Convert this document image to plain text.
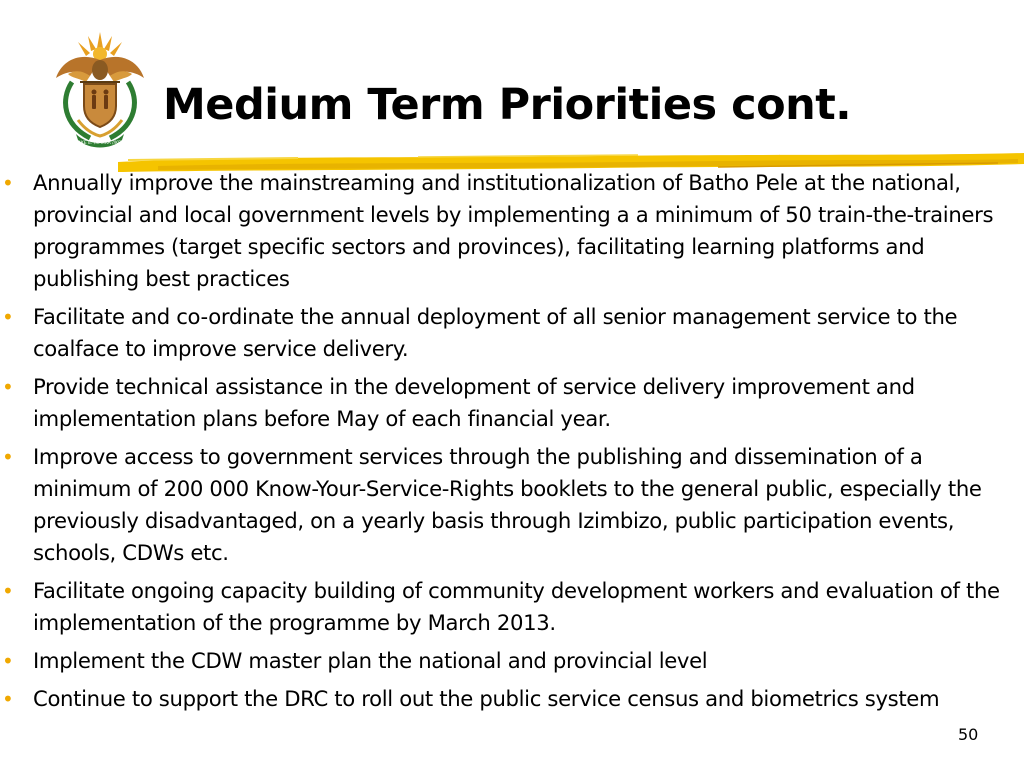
!KE E: /XARRA //KE
Medium Term Priorities cont.
• Annually improve the mainstreaming and institutionalization of Batho Pele at the national, provincial and local government levels by implementing a a minimum of 50 train-the-trainers programmes (target specific sectors and provinces), facilitating learning platforms and publishing best practices
• Facilitate and co-ordinate the annual deployment of all senior management service to the coalface to improve service delivery.
• Provide technical assistance in the development of service delivery improvement and implementation plans before May of each financial year.
• Improve access to government services through the publishing and dissemination of a minimum of 200 000 Know-Your-Service-Rights booklets to the general public, especially the previously disadvantaged, on a yearly basis through Izimbizo, public participation events, schools, CDWs etc.
• Facilitate ongoing capacity building of community development workers and evaluation of the implementation of the programme by March 2013.
• Implement the CDW master plan the national and provincial level
• Continue to support the DRC to roll out the public service census and biometrics system
50
